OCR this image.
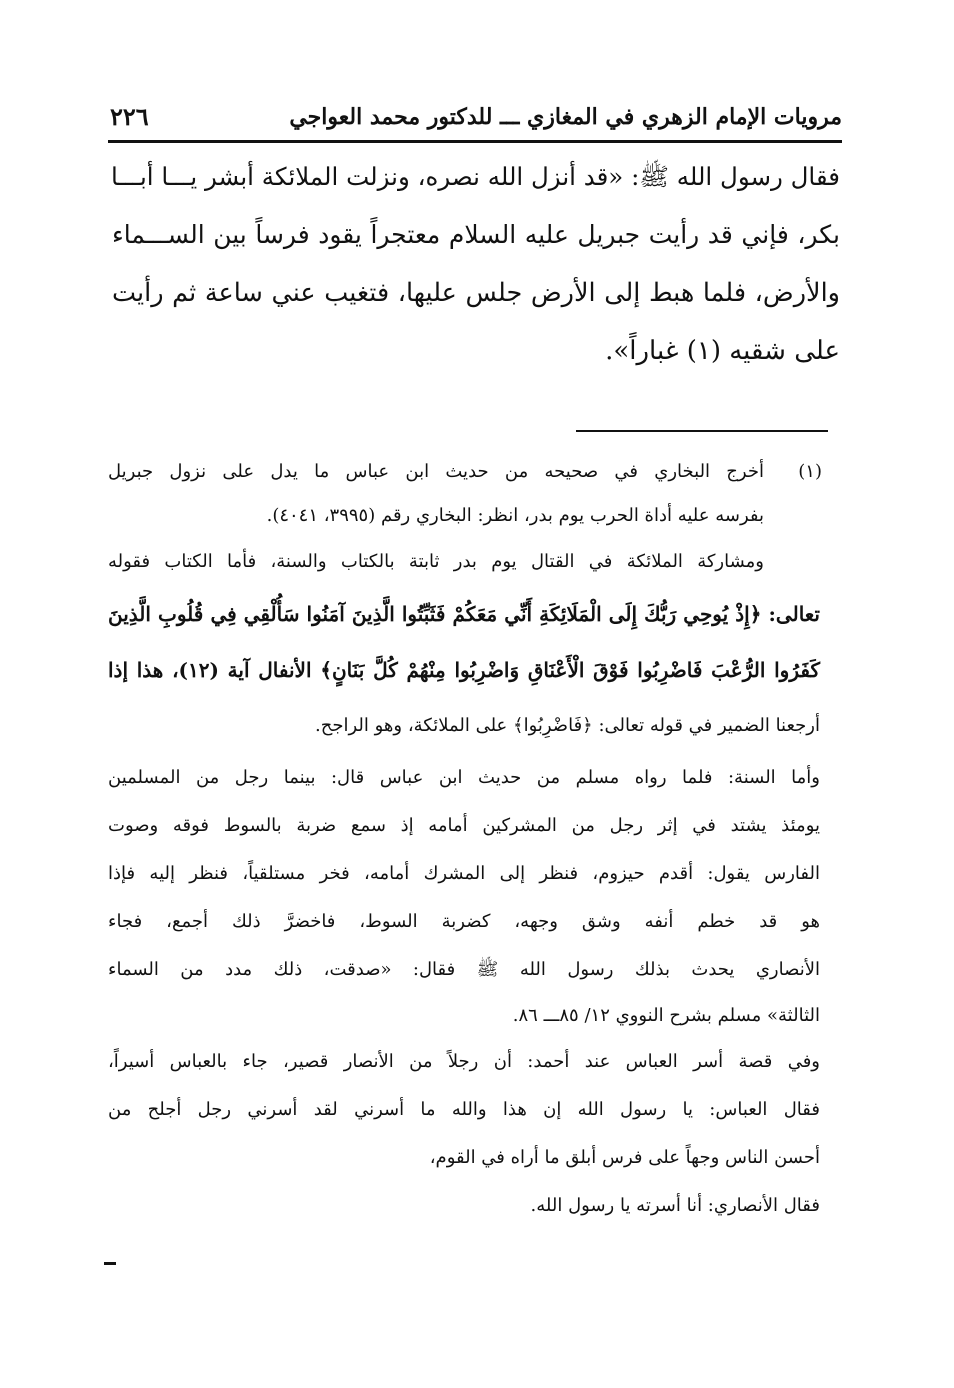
مرويات الإمام الزهري في المغازي ـــ للدكتور محمد العواجي
٢٢٦
فقال رسول الله ﷺ: «قد أنزل الله نصره، ونزلت الملائكة أبشر يـــا أبـــا
بكر، فإني قد رأيت جبريل عليه السلام معتجراً يقود فرساً بين الســـماء
والأرض، فلما هبط إلى الأرض جلس عليها، فتغيب عني ساعة ثم رأيت
على شقيه (١) غباراً».
(١)
أخرج البخاري في صحيحه من حديث ابن عباس ما يدل على نزول جبريل
بفرسه عليه أداة الحرب يوم بدر، انظر: البخاري رقم (٣٩٩٥، ٤٠٤١).
ومشاركة الملائكة في القتال يوم بدر ثابتة بالكتاب والسنة، فأما الكتاب فقوله
تعالى: ﴿إِذْ يُوحِي رَبُّكَ إِلَى الْمَلَائِكَةِ أَنِّي مَعَكُمْ فَثَبِّتُوا الَّذِينَ آمَنُوا سَأُلْقِي فِي قُلُوبِ الَّذِينَ
كَفَرُوا الرُّعْبَ فَاضْرِبُوا فَوْقَ الْأَعْنَاقِ وَاضْرِبُوا مِنْهُمْ كُلَّ بَنَانٍ﴾ الأنفال آية (١٢)، هذا إذا
أرجعنا الضمير في قوله تعالى: ﴿فَاضْرِبُوا﴾ على الملائكة، وهو الراجح.
وأما السنة: فلما رواه مسلم من حديث ابن عباس قال: بينما رجل من المسلمين
يومئذ يشتد في إثر رجل من المشركين أمامه إذ سمع ضربة بالسوط فوقه وصوت
الفارس يقول: أقدم حيزوم، فنظر إلى المشرك أمامه، فخر مستلقياً، فنظر إليه فإذا
هو قد خطم أنفه وشق وجهه، كضربة السوط، فاخضرَّ ذلك أجمع، فجاء
الأنصاري يحدث بذلك رسول الله ﷺ فقال: «صدقت، ذلك مدد من السماء
الثالثة» مسلم بشرح النووي ١٢/ ٨٥ـــ ٨٦.
وفي قصة أسر العباس عند أحمد: أن رجلاً من الأنصار قصير، جاء بالعباس أسيراً،
فقال العباس: يا رسول الله إن هذا والله ما أسرني لقد أسرني رجل أجلح من
أحسن الناس وجهاً على فرس أبلق ما أراه في القوم،
فقال الأنصاري: أنا أسرته يا رسول الله.
